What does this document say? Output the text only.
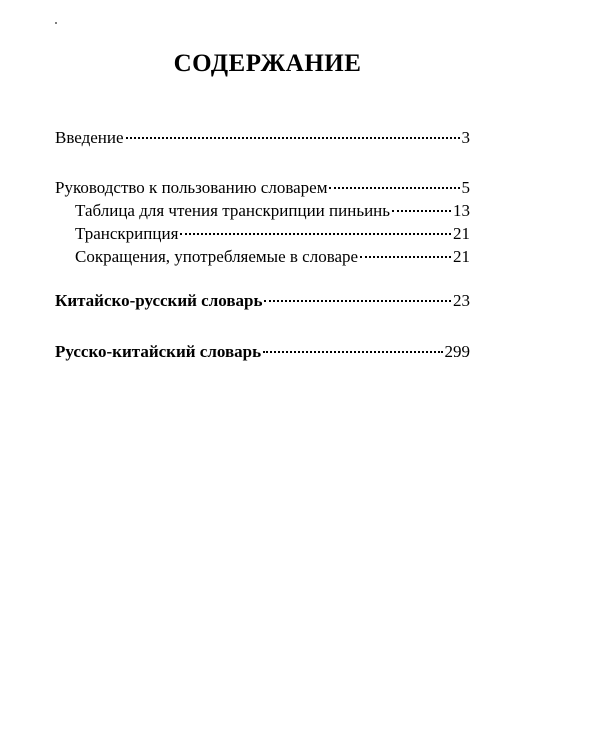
СОДЕРЖАНИЕ
Введение	3
Руководство к пользованию словарем	5
Таблица для чтения транскрипции пиньинь	13
Транскрипция	21
Сокращения, употребляемые в словаре	21
Китайско-русский словарь	23
Русско-китайский словарь	299
